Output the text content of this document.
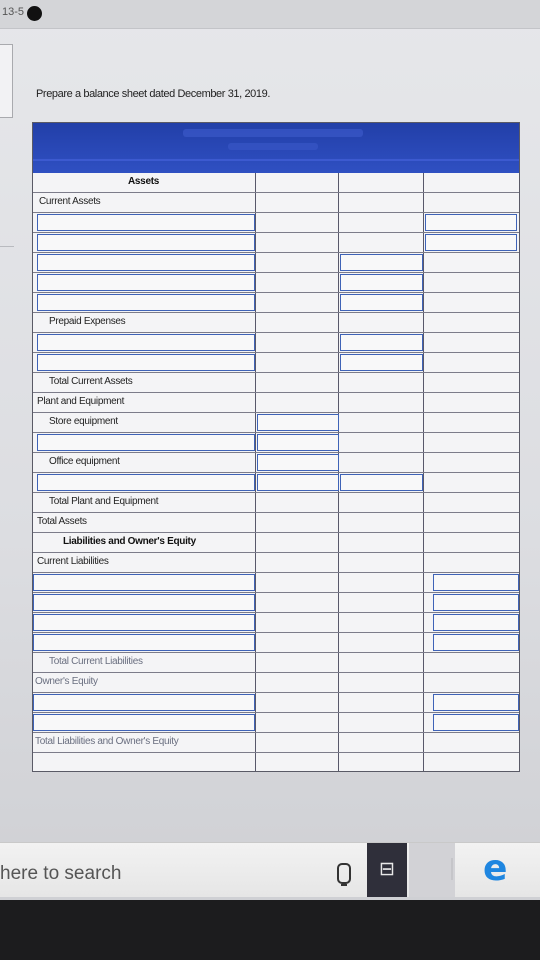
13-5
Prepare a balance sheet dated December 31, 2019.
Assets
Current Assets
Prepaid Expenses
Total Current Assets
Plant and Equipment
Store equipment
Office equipment
Total Plant and Equipment
Total Assets
Liabilities and Owner's Equity
Current Liabilities
Total Current Liabilities
Owner's Equity
Total Liabilities and Owner's Equity
here to search	⊟	e
